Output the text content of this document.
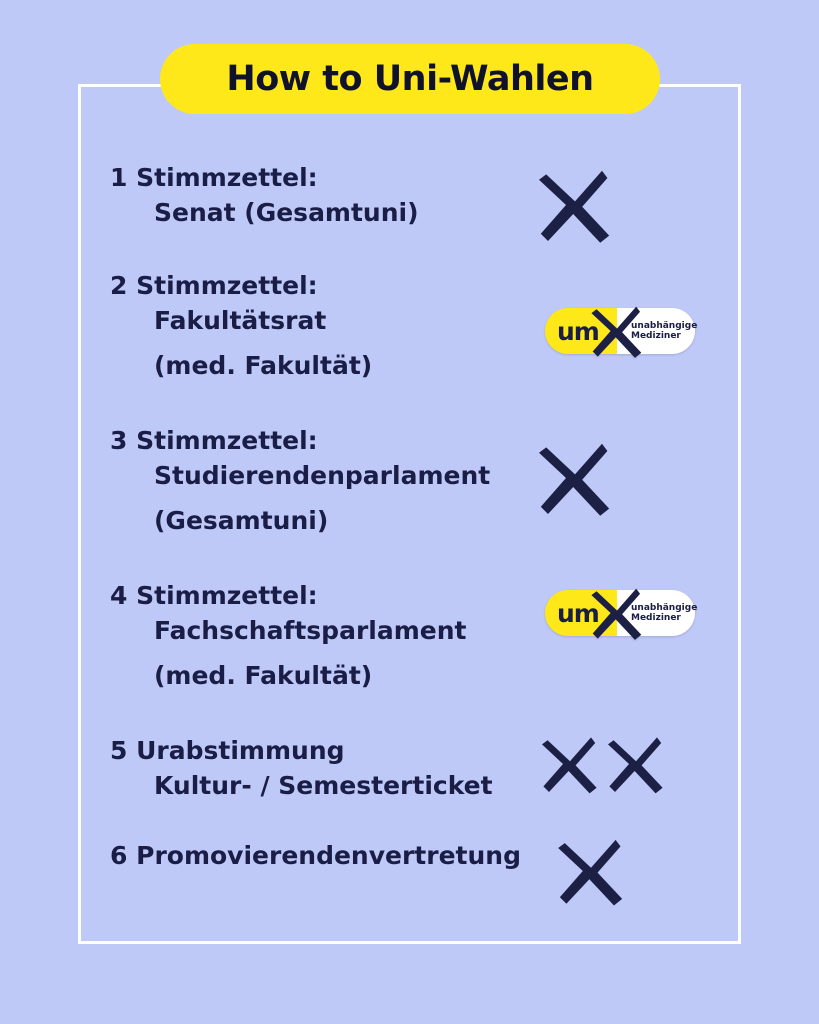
How to Uni-Wahlen
1 Stimmzettel:
Senat (Gesamtuni)
2 Stimmzettel:
Fakultätsrat
(med. Fakultät)
um	unabhängige
Mediziner
3 Stimmzettel:
Studierendenparlament
(Gesamtuni)
4 Stimmzettel:
Fachschaftsparlament
(med. Fakultät)
um	unabhängige
Mediziner
5 Urabstimmung
Kultur- / Semesterticket
6 Promovierendenvertretung
